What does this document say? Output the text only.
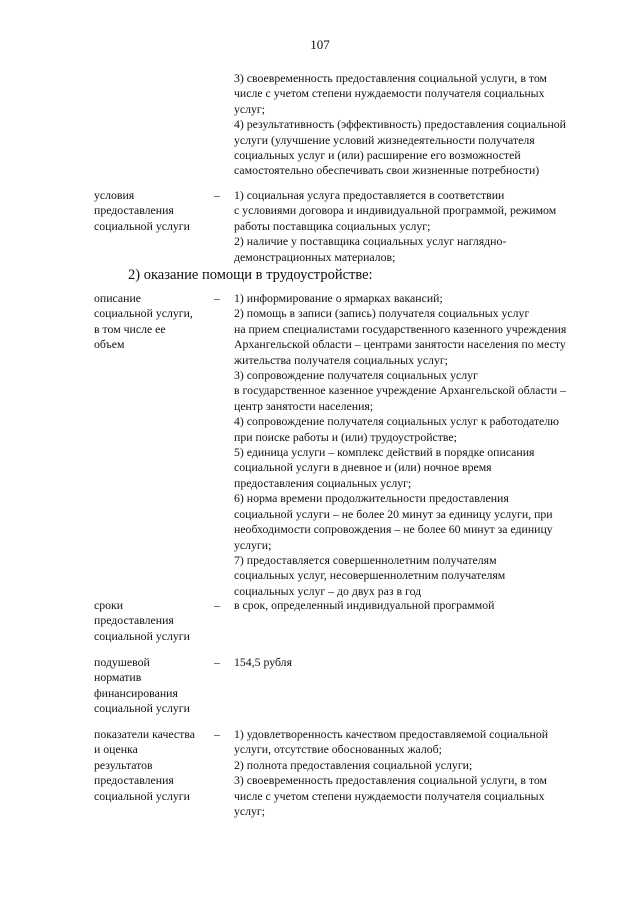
107
3) своевременность предоставления социальной услуги, в том
числе с учетом степени нуждаемости получателя социальных
услуг;
4) результативность (эффективность) предоставления социальной
услуги (улучшение условий жизнедеятельности получателя
социальных услуг и (или) расширение его возможностей
самостоятельно обеспечивать свои жизненные потребности)
условия
предоставления
социальной услуги
– 1) социальная услуга предоставляется в соответствии
с условиями договора и индивидуальной программой, режимом
работы поставщика социальных услуг;
2) наличие у поставщика социальных услуг наглядно-
демонстрационных материалов;
2) оказание помощи в трудоустройстве:
описание
социальной услуги,
в том числе ее
объем
– 1) информирование о ярмарках вакансий;
2) помощь в записи (запись) получателя социальных услуг
на прием специалистами государственного казенного учреждения
Архангельской области – центрами занятости населения по месту
жительства получателя социальных услуг;
3) сопровождение получателя социальных услуг
в государственное казенное учреждение Архангельской области –
центр занятости населения;
4) сопровождение получателя социальных услуг к работодателю
при поиске работы и (или) трудоустройстве;
5) единица услуги – комплекс действий в порядке описания
социальной услуги в дневное и (или) ночное время
предоставления социальных услуг;
6) норма времени продолжительности предоставления
социальной услуги – не более 20 минут за единицу услуги, при
необходимости сопровождения – не более 60 минут за единицу
услуги;
7) предоставляется совершеннолетним получателям
социальных услуг, несовершеннолетним получателям
социальных услуг – до двух раз в год
сроки
предоставления
социальной услуги
– в срок, определенный индивидуальной программой
подушевой
норматив
финансирования
социальной услуги
– 154,5 рубля
показатели качества
и оценка
результатов
предоставления
социальной услуги
– 1) удовлетворенность качеством предоставляемой социальной
услуги, отсутствие обоснованных жалоб;
2) полнота предоставления социальной услуги;
3) своевременность предоставления социальной услуги, в том
числе с учетом степени нуждаемости получателя социальных
услуг;
